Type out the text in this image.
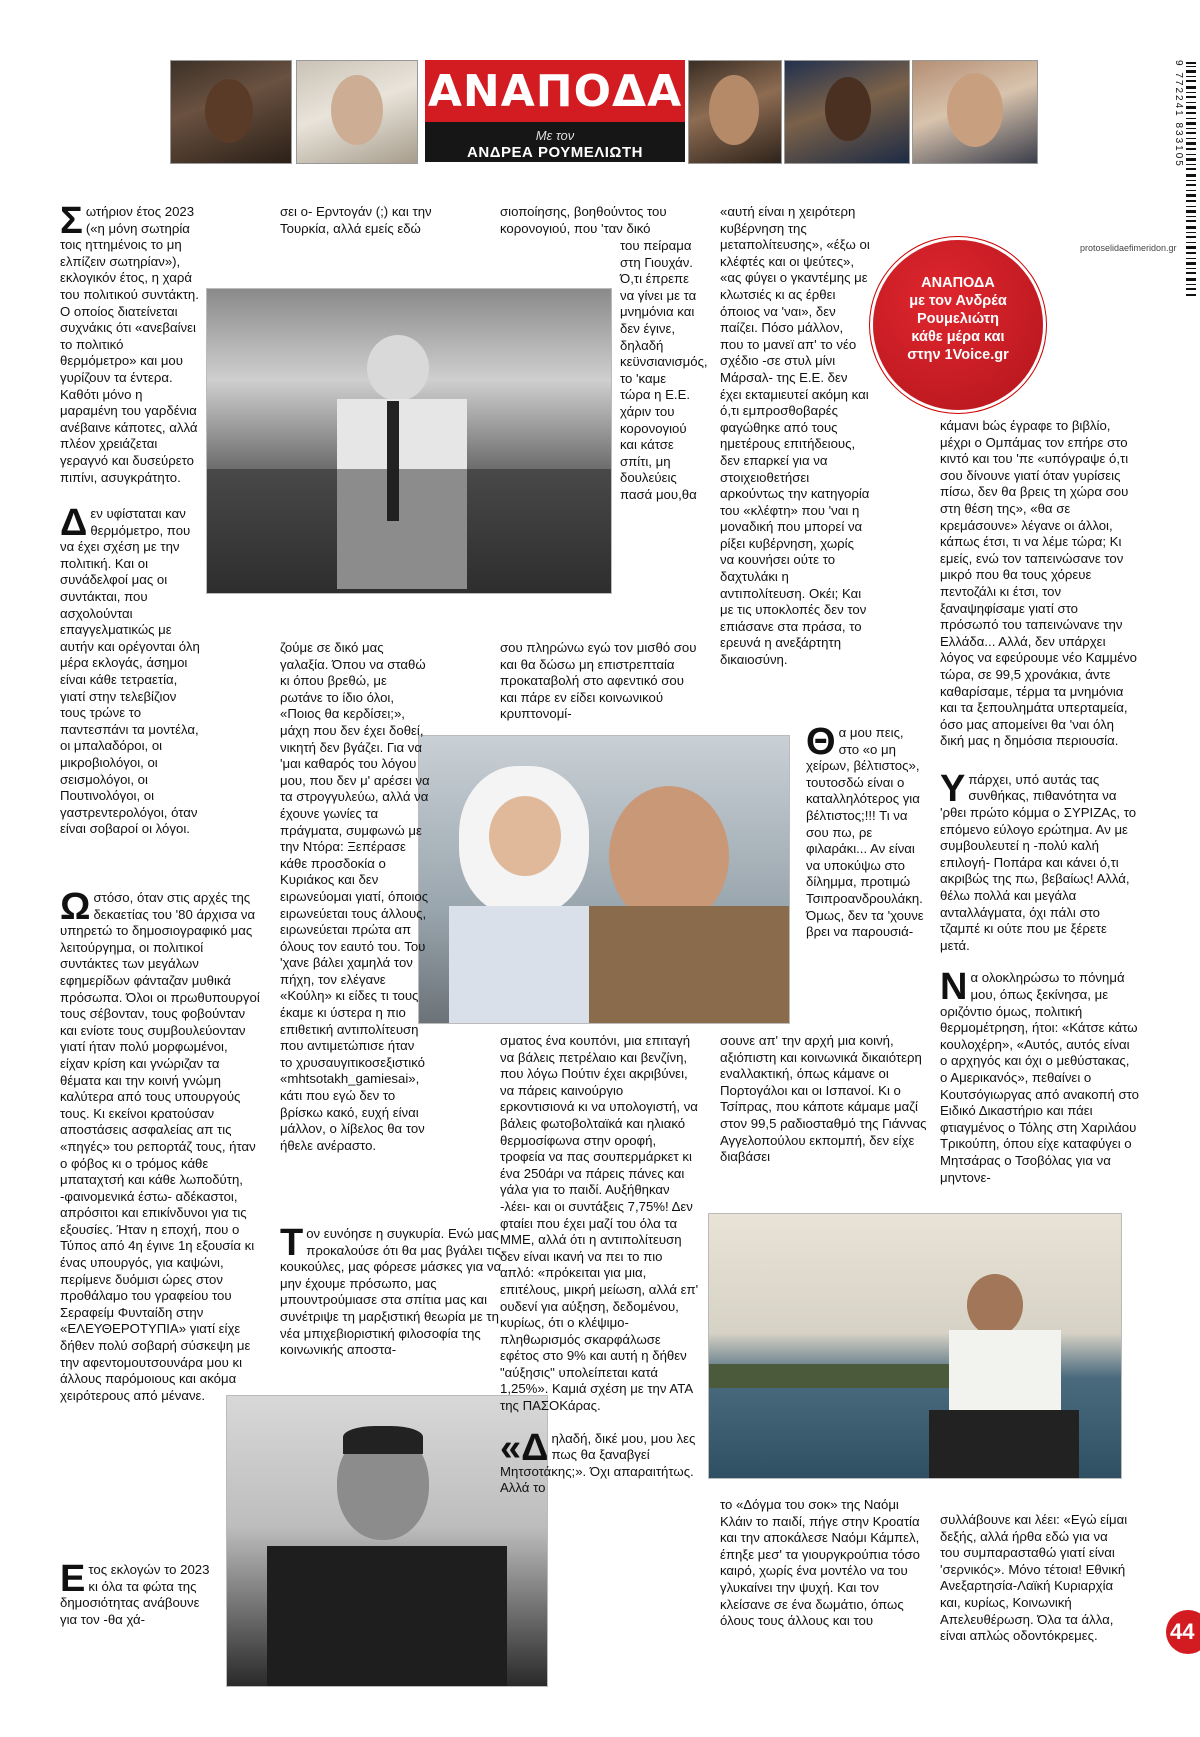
ΑΝΑΠΟΔΑ
Με τον
ΑΝΔΡΕΑ ΡΟΥΜΕΛΙΩΤΗ	9 772241 833105
protoselidaefimeridon.gr
ΑΝΑΠΟΔΑ
με τον Ανδρέα
Ρουμελιώτη
κάθε μέρα και
στην 1Voice.gr

Σωτήριον έτος 2023 («η μόνη σωτηρία τοις ηττημένοις το μη ελπίζειν σωτηρίαν»), εκλογικόν έτος, η χαρά του πολιτικού συντάκτη. Ο οποίος διατείνεται συχνάκις ότι «ανεβαίνει το πολιτικό θερμόμετρο» και μου γυρίζουν τα έντερα. Καθότι μόνο η μαραμένη του γαρδένια ανέβαινε κάποτες, αλλά πλέον χρειάζεται γεραγνό και δυσεύρετο πιπίνι, ασυγκράτητο.

Δεν υφίσταται καν θερμόμετρο, που να έχει σχέση με την πολιτική. Και οι συνάδελφοί μας οι συντάκται, που ασχολούνται επαγγελματικώς με αυτήν και ορέγονται όλη μέρα εκλογάς, άσημοι είναι κάθε τετραετία, γιατί στην τελεβίζιον τους τρώνε το παντεσπάνι τα μοντέλα, οι μπαλαδόροι, οι μικροβιολόγοι, οι σεισμολόγοι, οι Πουτινολόγοι, οι γαστρεντερολόγοι, όταν είναι σοβαροί οι λόγοι.

Ωστόσο, όταν στις αρχές της δεκαετίας του '80 άρχισα να υπηρετώ το δημοσιογραφικό μας λειτούργημα, οι πολιτικοί συντάκτες των μεγάλων εφημερίδων φάνταζαν μυθικά πρόσωπα. Όλοι οι πρωθυπουργοί τους σέβονταν, τους φοβούνταν και ενίοτε τους συμβουλεύονταν γιατί ήταν πολύ μορφωμένοι, είχαν κρίση και γνώριζαν τα θέματα και την κοινή γνώμη καλύτερα από τους υπουργούς τους. Κι εκείνοι κρατούσαν αποστάσεις ασφαλείας απ τις «πηγές» του ρεπορτάζ τους, ήταν ο φόβος κι ο τρόμος κάθε μπαταχτσή και κάθε λωποδύτη, -φαινομενικά έστω- αδέκαστοι, απρόσιτοι και επικίνδυνοι για τις εξουσίες. Ήταν η εποχή, που ο Τύπος από 4η έγινε 1η εξουσία κι ένας υπουργός, για καψώνι, περίμενε δυόμισι ώρες στον προθάλαμο του γραφείου του Σεραφείμ Φυνταίδη στην «ΕΛΕΥΘΕΡΟΤΥΠΙΑ» γιατί είχε δήθεν πολύ σοβαρή σύσκεψη με την αφεντομουτσουνάρα μου κι άλλους παρόμοιους και ακόμα χειρότερους από μένανε.

Ετος εκλογών το 2023 κι όλα τα φώτα της δημοσιότητας ανάβουνε για τον -θα χά-

σει ο- Ερντογάν (;) και την Τουρκία, αλλά εμείς εδώ

ζούμε σε δικό μας γαλαξία. Όπου να σταθώ κι όπου βρεθώ, με ρωτάνε το ίδιο όλοι, «Ποιος θα κερδίσει;», μάχη που δεν έχει δοθεί, νικητή δεν βγάζει. Για να 'μαι καθαρός του λόγου μου, που δεν μ' αρέσει να τα στρογγυλεύω, αλλά να έχουνε γωνίες τα πράγματα, συμφωνώ με την Ντόρα: Ξεπέρασε κάθε προσδοκία ο Κυριάκος και δεν ειρωνεύομαι γιατί, όποιος ειρωνεύεται τους άλλους, ειρωνεύεται πρώτα απ όλους τον εαυτό του. Του 'χανε βάλει χαμηλά τον πήχη, τον ελέγανε «Κούλη» κι είδες τι τους έκαμε κι ύστερα η πιο επιθετική αντιπολίτευση που αντιμετώπισε ήταν το χρυσαυγιτικοσεξιστικό «mhtsotakh_gamiesai», κάτι που εγώ δεν το βρίσκω κακό, ευχή είναι μάλλον, ο λίβελος θα τον ήθελε ανέραστο.

Τον ευνόησε η συγκυρία. Ενώ μας προκαλούσε ότι θα μας βγάλει τις κουκούλες, μας φόρεσε μάσκες για να μην έχουμε πρόσωπο, μας μπουντρούμιασε στα σπίτια μας και συνέτριψε τη μαρξιστική θεωρία με τη νέα μπιχεβιοριστική φιλοσοφία της κοινωνικής αποστα-

σιοποίησης, βοηθούντος του κορονογιού, που 'ταν δικό

του πείραμα στη Γιουχάν. Ό,τι έπρεπε να γίνει με τα μνημόνια και δεν έγινε, δηλαδή κεϋνσιανισμός, το 'καμε τώρα η Ε.Ε. χάριν του κορονογιού και κάτσε σπίτι, μη δουλεύεις πασά μου,θα

σου πληρώνω εγώ τον μισθό σου και θα δώσω μη επιστρεπταία προκαταβολή στο αφεντικό σου και πάρε εν είδει κοινωνικού κρυπτονομί-

σματος ένα κουπόνι, μια επιταγή να βάλεις πετρέλαιο και βενζίνη, που λόγω Πούτιν έχει ακριβύνει, να πάρεις καινούργιο ερκοντισιονά κι να υπολογιστή, να βάλεις φωτοβολταϊκά και ηλιακό θερμοσίφωνα στην οροφή, τροφεία να πας σουπερμάρκετ κι ένα 250άρι να πάρεις πάνες και γάλα για το παιδί. Αυξήθηκαν -λέει- και οι συντάξεις 7,75%! Δεν φταίει που έχει μαζί του όλα τα ΜΜΕ, αλλά ότι η αντιπολίτευση δεν είναι ικανή να πει το πιο απλό: «πρόκειται για μια, επιτέλους, μικρή μείωση, αλλά επ' ουδενί για αύξηση, δεδομένου, κυρίως, ότι ο κλέψιμο-πληθωρισμός σκαρφάλωσε εφέτος στο 9% και αυτή η δήθεν "αύξησις" υπολείπεται κατά 1,25%». Καμιά σχέση με την ΑΤΑ της ΠΑΣΟΚάρας.

«Δηλαδή, δικέ μου, μου λες πως θα ξαναβγεί Μητσοτάκης;». Όχι απαραιτήτως. Αλλά το

«αυτή είναι η χειρότερη κυβέρνηση της μεταπολίτευσης», «έξω οι κλέφτές και οι ψεύτες», «ας φύγει ο γκαντέμης με κλωτσιές κι ας έρθει όποιος να 'ναι», δεν παίζει. Πόσο μάλλον, που το μανεϊ απ' το νέο σχέδιο -σε στυλ μίνι Μάρσαλ- της Ε.Ε. δεν έχει εκταμιευτεί ακόμη και ό,τι εμπροσθοβαρές φαγώθηκε από τους ημετέρους επιτήδειους, δεν επαρκεί για να στοιχειοθετήσει αρκούντως την κατηγορία του «κλέφτη» που 'ναι η μοναδική που μπορεί να ρίξει κυβέρνηση, χωρίς να κουνήσει ούτε το δαχτυλάκι η αντιπολίτευση. Οκέι; Και με τις υποκλοπές δεν τον επιάσανε στα πράσα, το ερευνά η ανεξάρτητη δικαιοσύνη.

Θα μου πεις, στο «ο μη χείρων, βέλτιστος», τουτοσδώ είναι ο καταλληλότερος για βέλτιστος;!!! Τι να σου πω, ρε φιλαράκι... Αν είναι να υποκύψω στο δίλημμα, προτιμώ Τσιπροανδρουλάκη. Όμως, δεν τα 'χουνε βρει να παρουσιά-

σουνε απ' την αρχή μια κοινή, αξιόπιστη και κοινωνικά δικαιότερη εναλλακτική, όπως κάμανε οι Πορτογάλοι και οι Ισπανοί. Κι ο Τσίπρας, που κάποτε κάμαμε μαζί στον 99,5 ραδιοσταθμό της Γιάννας Αγγελοπούλου εκπομπή, δεν είχε διαβάσει

το «Δόγμα του σοκ» της Ναόμι Κλάιν το παιδί, πήγε στην Κροατία και την αποκάλεσε Ναόμι Κάμπελ, έπηξε μεσ' τα γιουργκρούπια τόσο καιρό, χωρίς ένα μοντέλο να του γλυκαίνει την ψυχή. Και τον κλείσανε σε ένα δωμάτιο, όπως όλους τους άλλους και του

κάμανι bώς έγραφε το βιβλίο, μέχρι ο Ομπάμας τον επήρε στο κιντό και του 'πε «υπόγραψε ό,τι σου δίνουνε γιατί όταν γυρίσεις πίσω, δεν θα βρεις τη χώρα σου στη θέση της», «θα σε κρεμάσουνε» λέγανε οι άλλοι, κάπως έτσι, τι να λέμε τώρα; Κι εμείς, ενώ τον ταπεινώσανε τον μικρό που θα τους χόρευε πεντοζάλι κι έτσι, τον ξαναψηφίσαμε γιατί στο πρόσωπό του ταπεινώνανε την Ελλάδα... Αλλά, δεν υπάρχει λόγος να εφεύρουμε νέο Καμμένο τώρα, σε 99,5 χρονάκια, άντε καθαρίσαμε, τέρμα τα μνημόνια και τα ξεπουλημάτα υπερταμεία, όσο μας απομείνει θα 'ναι όλη δική μας η δημόσια περιουσία.

Υπάρχει, υπό αυτάς τας συνθήκας, πιθανότητα να 'ρθει πρώτο κόμμα ο ΣΥΡΙΖΑς, το επόμενο εύλογο ερώτημα. Αν με συμβουλευτεί η -πολύ καλή επιλογή- Πoπάρα και κάνει ό,τι ακριβώς της πω, βεβαίως! Αλλά, θέλω πολλά και μεγάλα ανταλλάγματα, όχι πάλι στο τζαμπέ κι ούτε που με ξέρετε μετά.

Να ολοκληρώσω το πόνημά μου, όπως ξεκίνησα, με οριζόντιο όμως, πολιτική θερμομέτρηση, ήτοι: «Κάτσε κάτω κουλοχέρη», «Αυτός, αυτός είναι ο αρχηγός και όχι ο μεθύστακας, ο Αμερικανός», πεθαίνει ο Κουτσόγιωργας από ανακοπή στο Ειδικό Δικαστήριο και πάει φτιαγμένος ο Τόλης στη Χαριλάου Τρικούπη, όπου είχε καταφύγει ο Μητσάρας ο Τσοβόλας για να μηντονε-

συλλάβουνε και λέει: «Εγώ είμαι δεξής, αλλά ήρθα εδώ για να του συμπαρασταθώ γιατί είναι 'σερνικός». Μόνο τέτοια! Εθνική Ανεξαρτησία-Λαϊκή Κυριαρχία και, κυρίως, Κοινωνική Απελευθέρωση. Όλα τα άλλα, είναι απλώς οδοντόκρεμες.	44
